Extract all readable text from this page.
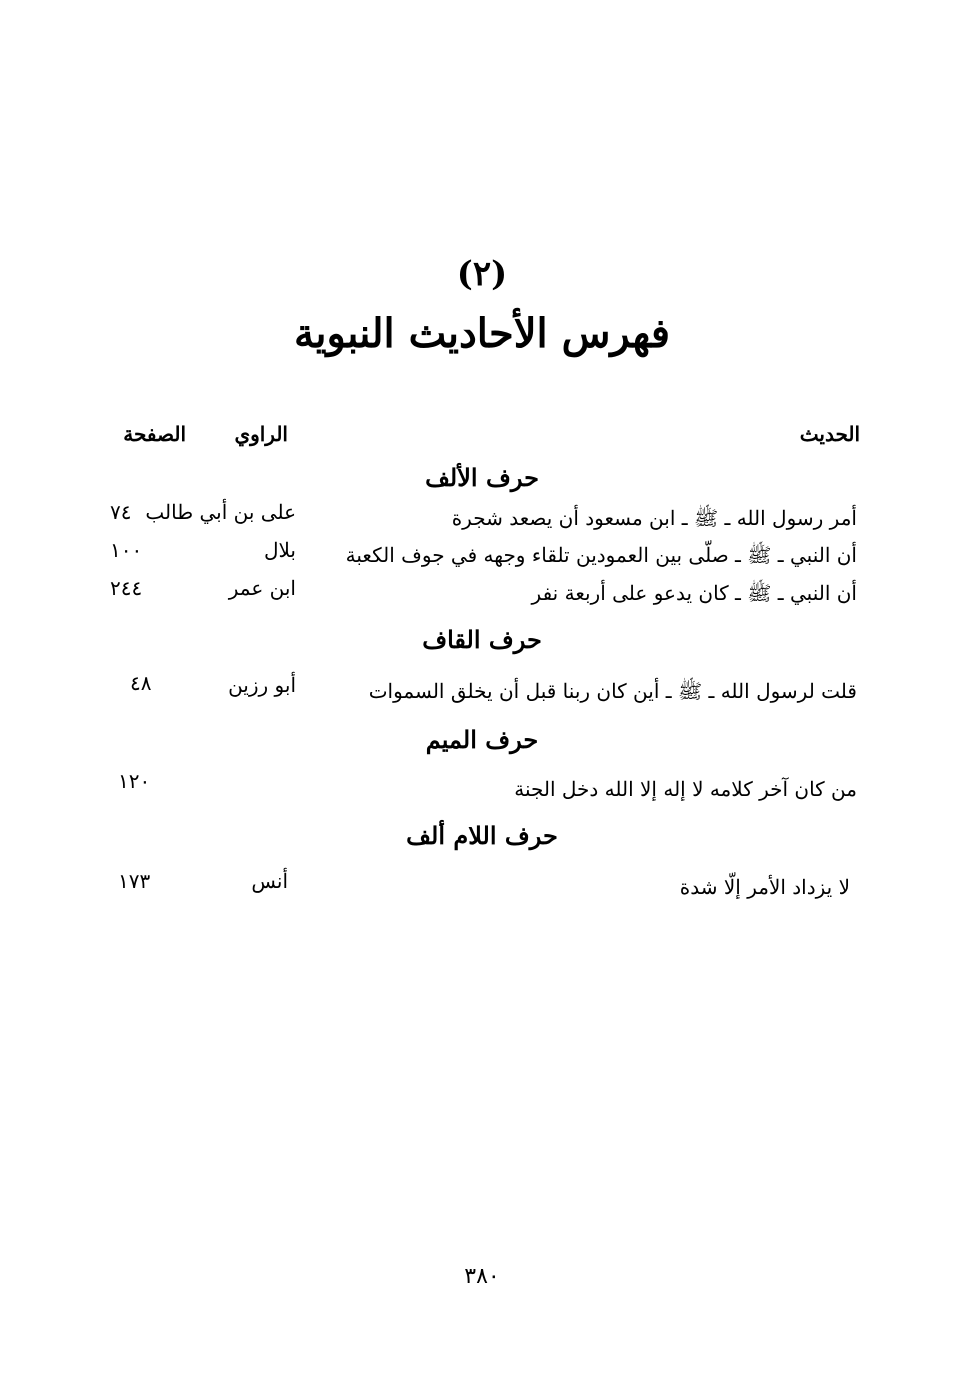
(٢)
فهرس الأحاديث النبوية
الحديث
الراوي
الصفحة
حرف الألف
أمر رسول الله ـ ﷺ ـ ابن مسعود أن يصعد شجرة
على بن أبي طالب
٧٤
أن النبي ـ ﷺ ـ صلّى بين العمودين تلقاء وجهه في جوف الكعبة
بلال
١٠٠
أن النبي ـ ﷺ ـ كان يدعو على أربعة نفر
ابن عمر
٢٤٤
حرف القاف
قلت لرسول الله ـ ﷺ ـ أين كان ربنا قبل أن يخلق السموات
أبو رزين
٤٨
حرف الميم
من كان آخر كلامه لا إله إلا الله دخل الجنة
١٢٠
حرف اللام ألف
لا يزداد الأمر إلّا شدة
أنس
١٧٣
٣٨٠
